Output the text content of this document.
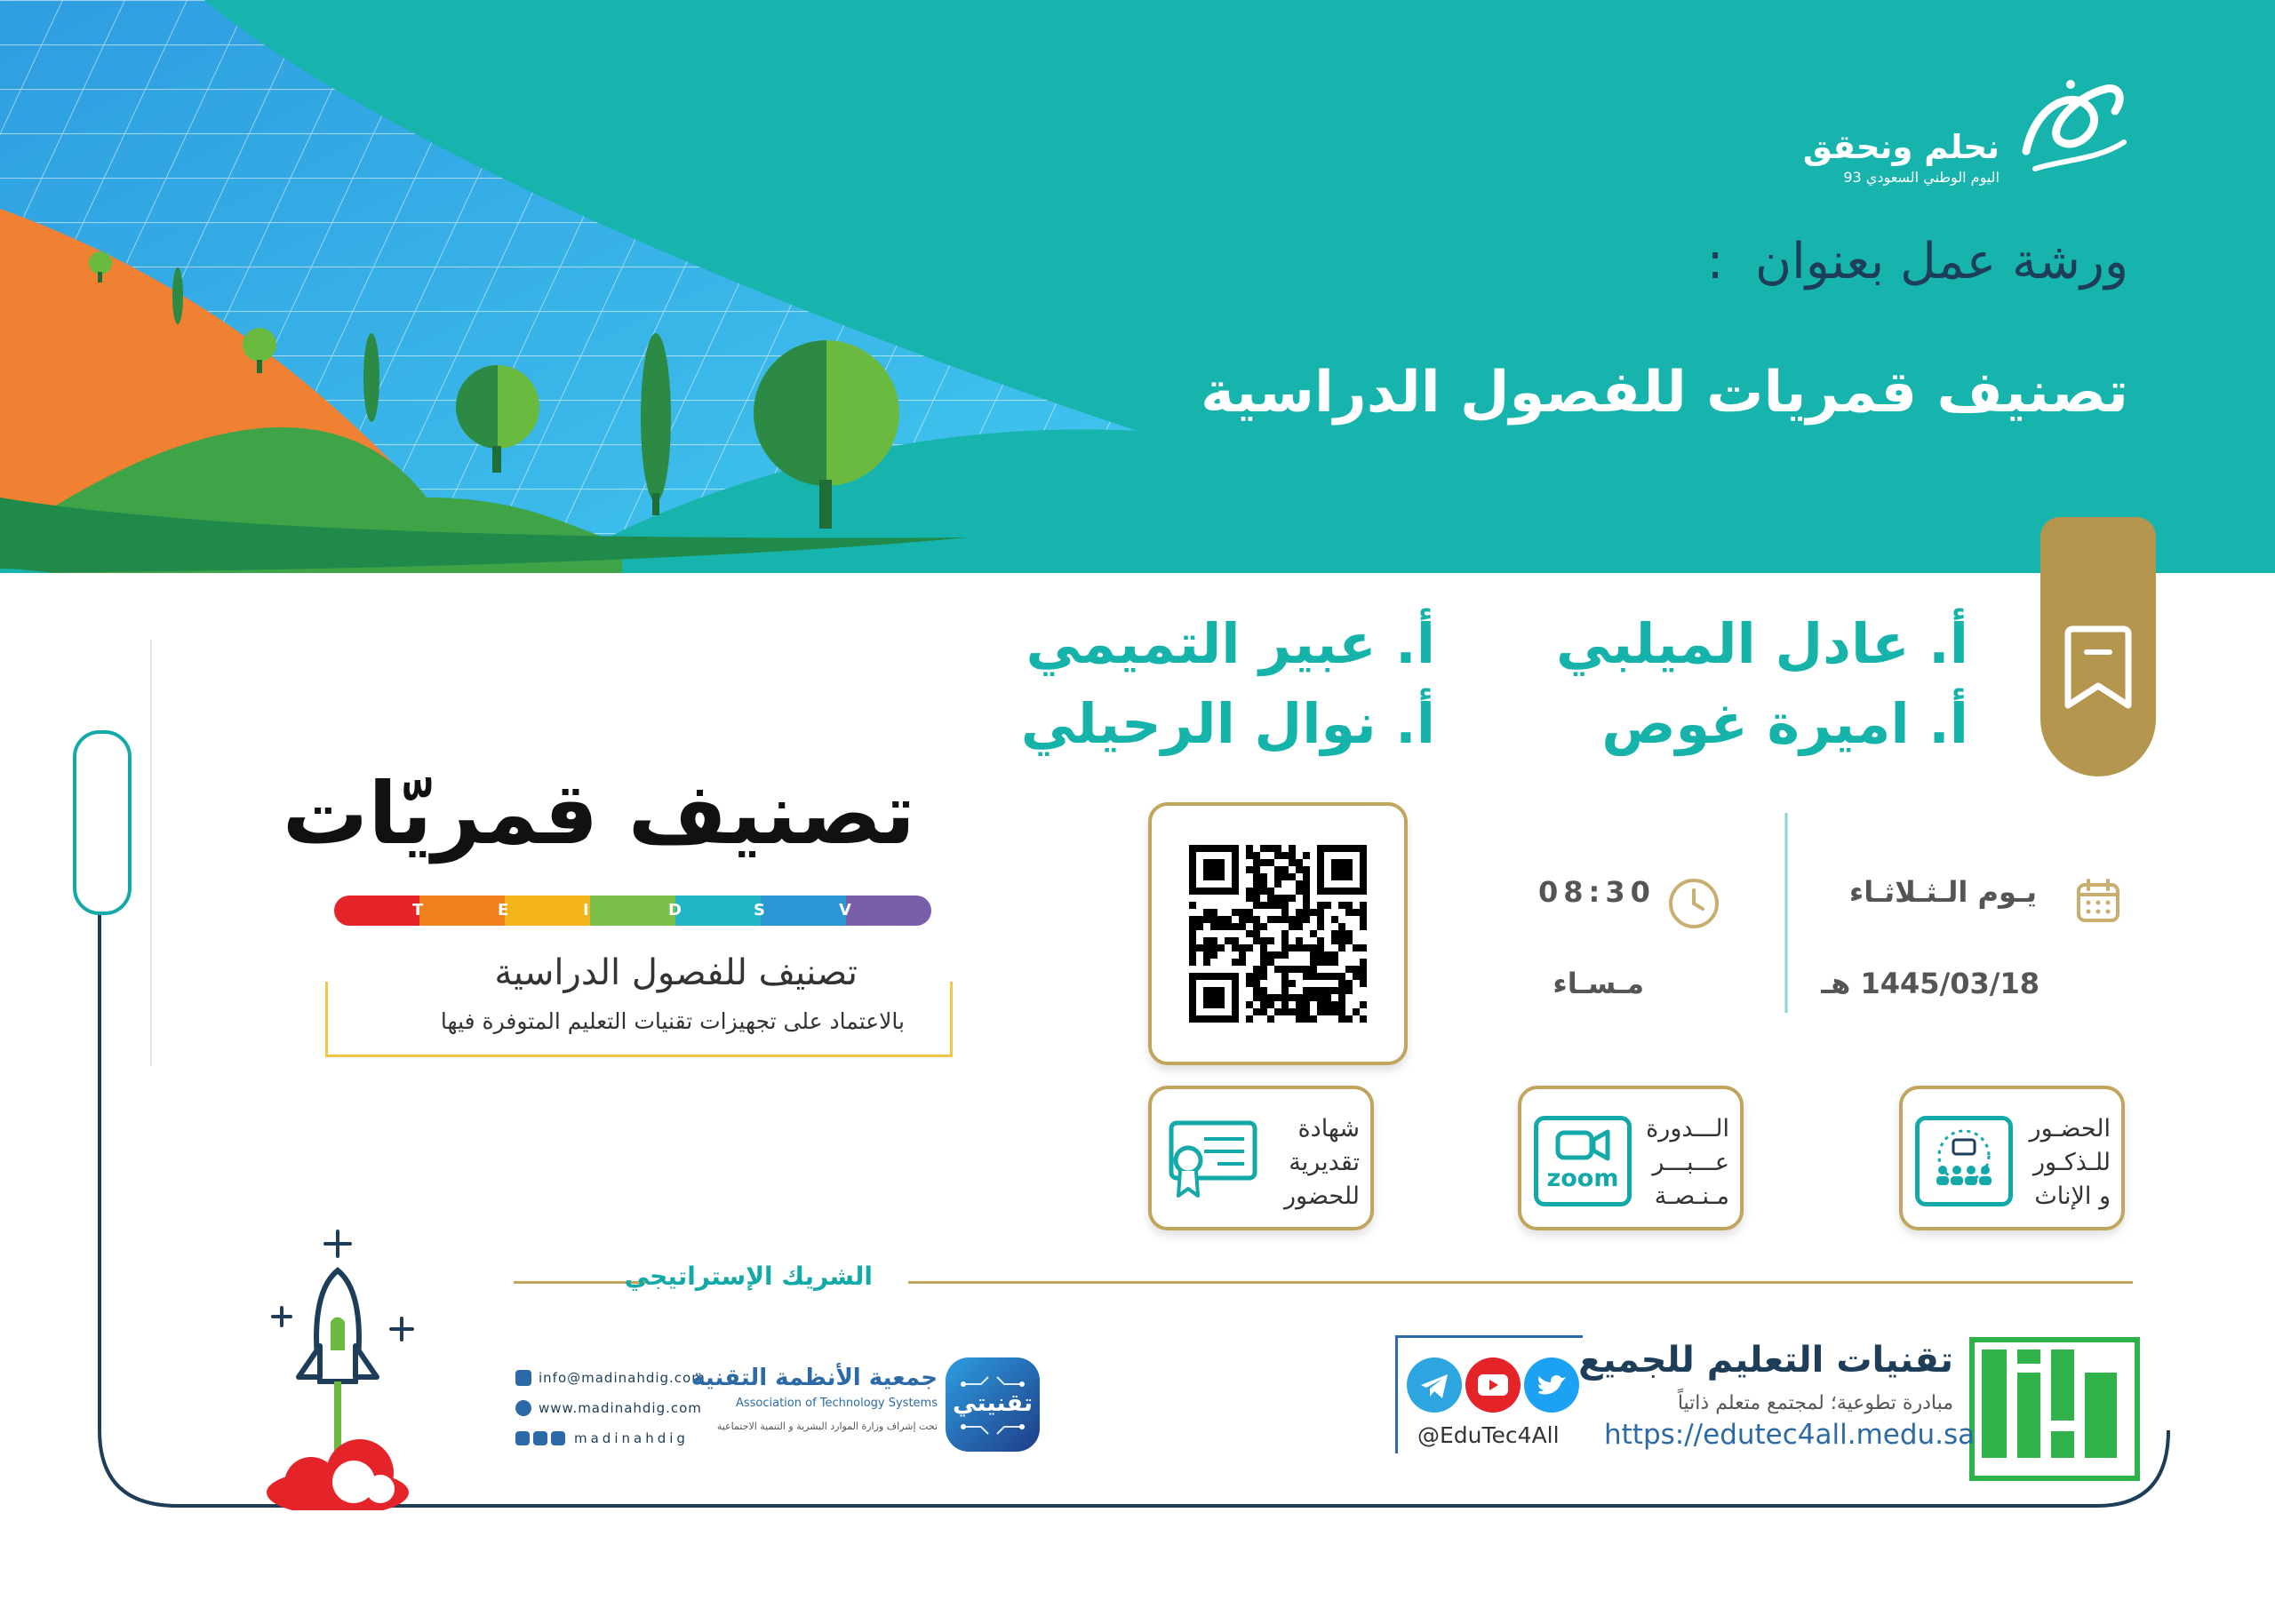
نحلم ونحقق
اليوم الوطني السعودي 93
ورشة عمل بعنوان  :
تصنيف قمريات للفصول الدراسية
أ. عادل الميلبي
أ. اميرة غوص
أ. عبير التميمي
أ. نوال الرحيلي
تصنيف قمريّات
T	E	I	D	S	V
تصنيف للفصول الدراسية
بالاعتماد على تجهيزات تقنيات التعليم المتوفرة فيها
يـوم الـثـلاثـاء
1445/03/18 هـ
08:30
مـسـاء
الحضـور
للـذكـور
و الإناث
zoom
الـــدورة
عـــبـــر
مـنـصـة
شهادة
تقديرية
للحضور
الشريك الإستراتيجي
info@madinahdig.com
www.madinahdig.com
madinahdig
جمعية الأنظمة التقنية
Association of Technology Systems
تحت إشراف وزارة الموارد البشرية و التنمية الاجتماعية
تقنيتي
تقنيات التعليم للجميع
مبادرة تطوعية؛ لمجتمع متعلم ذاتياً
https://edutec4all.medu.sa
@EduTec4All
